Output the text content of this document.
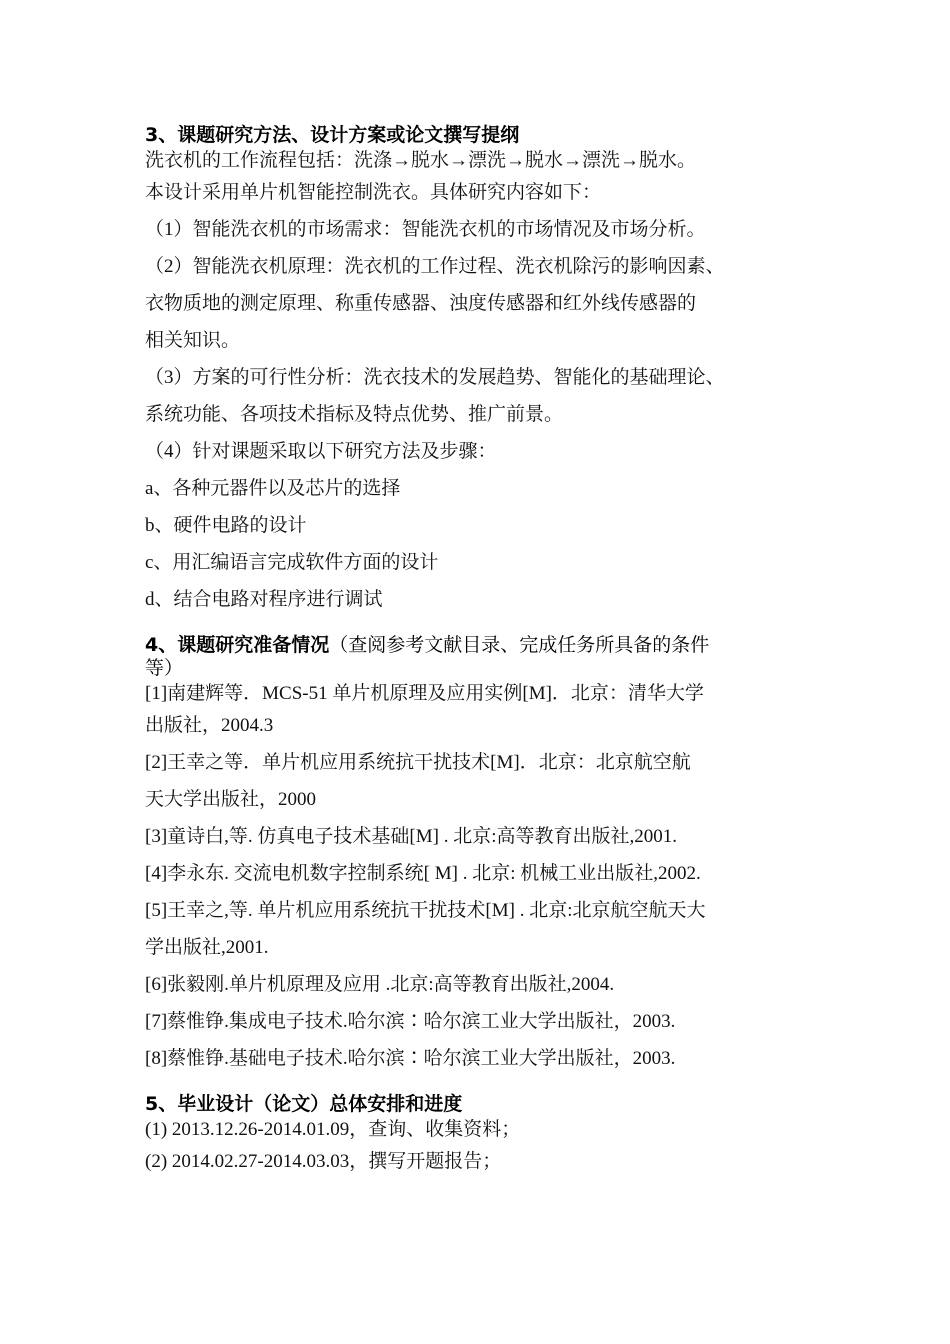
3、课题研究方法、设计方案或论文撰写提纲

洗衣机的工作流程包括：洗涤→脱水→漂洗→脱水→漂洗→脱水。

本设计采用单片机智能控制洗衣。具体研究内容如下：

（1）智能洗衣机的市场需求：智能洗衣机的市场情况及市场分析。

（2）智能洗衣机原理：洗衣机的工作过程、洗衣机除污的影响因素、

衣物质地的测定原理、称重传感器、浊度传感器和红外线传感器的

相关知识。

（3）方案的可行性分析：洗衣技术的发展趋势、智能化的基础理论、

系统功能、各项技术指标及特点优势、推广前景。

（4）针对课题采取以下研究方法及步骤：

a、各种元器件以及芯片的选择

b、硬件电路的设计

c、用汇编语言完成软件方面的设计

d、结合电路对程序进行调试

4、课题研究准备情况（查阅参考文献目录、完成任务所具备的条件
等）

[1]南建辉等．MCS-51 单片机原理及应用实例[M]．北京：清华大学

出版社，2004.3

[2]王幸之等．单片机应用系统抗干扰技术[M]．北京：北京航空航

天大学出版社，2000

[3]童诗白,等. 仿真电子技术基础[M] . 北京:高等教育出版社,2001.

[4]李永东. 交流电机数字控制系统[ M] . 北京: 机械工业出版社,2002.

[5]王幸之,等. 单片机应用系统抗干扰技术[M] . 北京:北京航空航天大

学出版社,2001.

[6]张毅刚.单片机原理及应用 .北京:高等教育出版社,2004.

[7]蔡惟铮.集成电子技术.哈尔滨∶哈尔滨工业大学出版社，2003.

[8]蔡惟铮.基础电子技术.哈尔滨∶哈尔滨工业大学出版社，2003.

5、毕业设计（论文）总体安排和进度

(1) 2013.12.26-2014.01.09，查询、收集资料；

(2) 2014.02.27-2014.03.03，撰写开题报告；
